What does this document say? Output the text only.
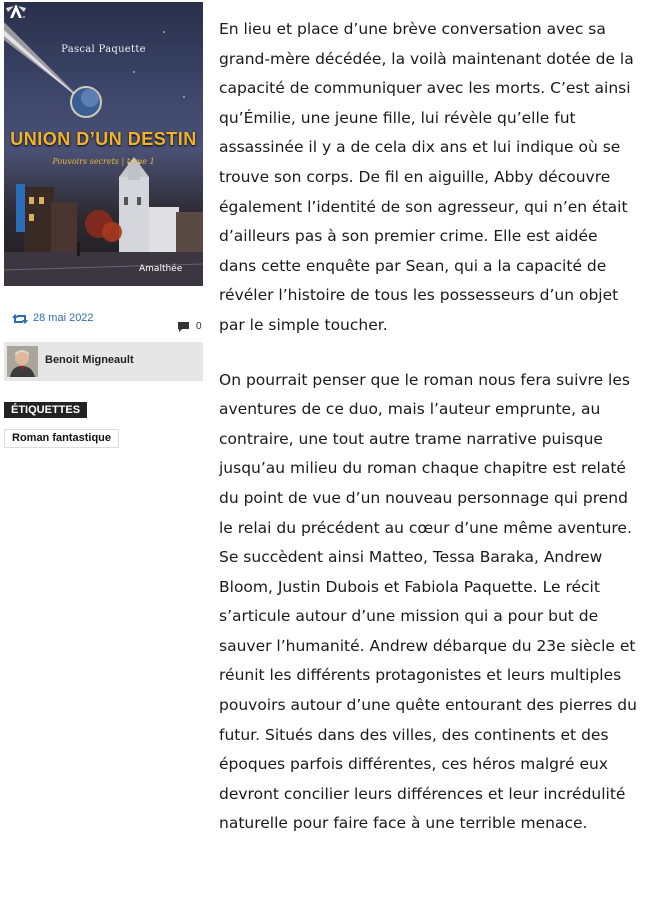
Pascal Paquette
UNION D’UN DESTIN
Pouvoirs secrets | tome 1
Amalthée
28 mai 2022
0
Benoit Migneault
ÉTIQUETTES
Roman fantastique

En lieu et place d’une brève conversation avec sa grand-mère décédée, la voilà maintenant dotée de la capacité de communiquer avec les morts. C’est ainsi qu’Émilie, une jeune fille, lui révèle qu’elle fut assassinée il y a de cela dix ans et lui indique où se trouve son corps. De fil en aiguille, Abby découvre également l’identité de son agresseur, qui n’en était d’ailleurs pas à son premier crime. Elle est aidée dans cette enquête par Sean, qui a la capacité de révéler l’histoire de tous les possesseurs d’un objet par le simple toucher.

On pourrait penser que le roman nous fera suivre les aventures de ce duo, mais l’auteur emprunte, au contraire, une tout autre trame narrative puisque jusqu’au milieu du roman chaque chapitre est relaté du point de vue d’un nouveau personnage qui prend le relai du précédent au cœur d’une même aventure. Se succèdent ainsi Matteo, Tessa Baraka, Andrew Bloom, Justin Dubois et Fabiola Paquette. Le récit s’articule autour d’une mission qui a pour but de sauver l’humanité. Andrew débarque du 23e siècle et réunit les différents protagonistes et leurs multiples pouvoirs autour d’une quête entourant des pierres du futur. Situés dans des villes, des continents et des époques parfois différentes, ces héros malgré eux devront concilier leurs différences et leur incrédulité naturelle pour faire face à une terrible menace.
